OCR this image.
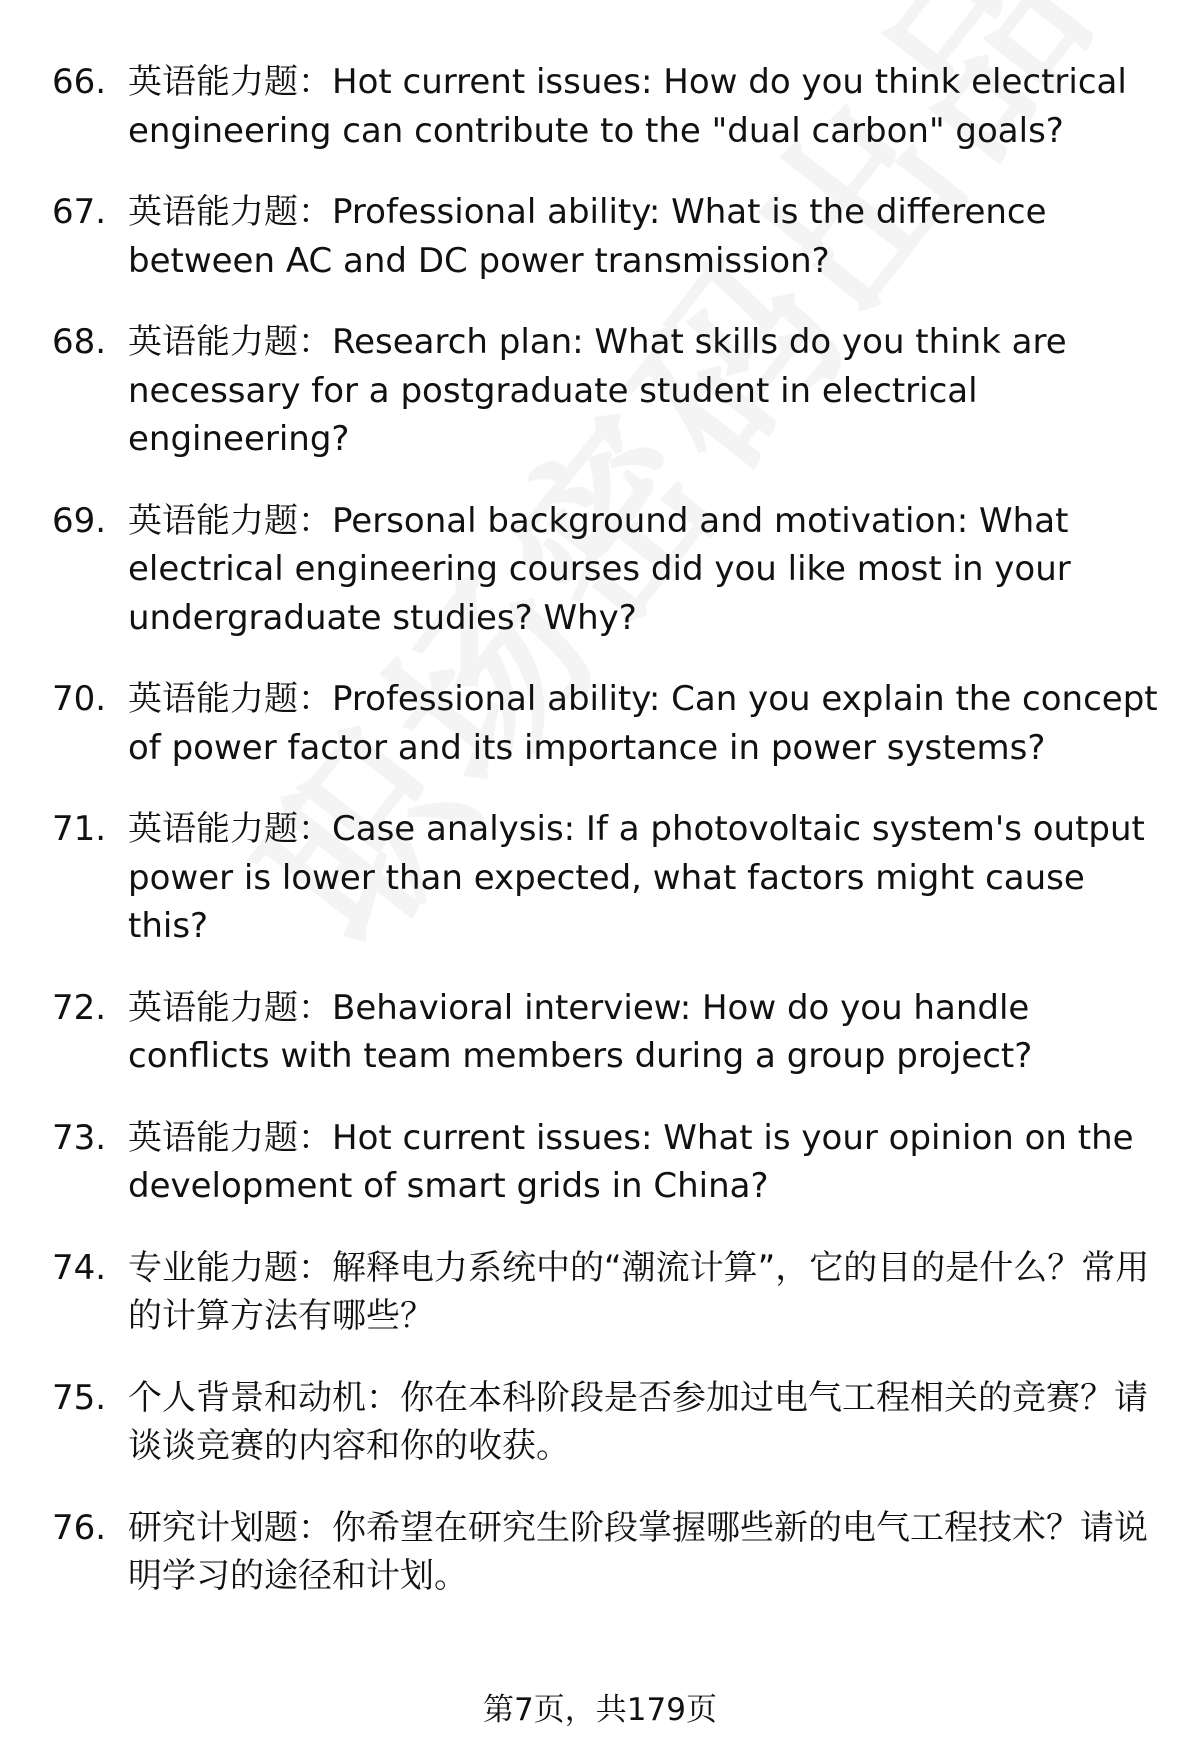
66. 英语能力题：Hot current issues: How do you think electrical engineering can contribute to the "dual carbon" goals?
67. 英语能力题：Professional ability: What is the difference between AC and DC power transmission?
68. 英语能力题：Research plan: What skills do you think are necessary for a postgraduate student in electrical engineering?
69. 英语能力题：Personal background and motivation: What electrical engineering courses did you like most in your undergraduate studies? Why?
70. 英语能力题：Professional ability: Can you explain the concept of power factor and its importance in power systems?
71. 英语能力题：Case analysis: If a photovoltaic system's output power is lower than expected, what factors might cause this?
72. 英语能力题：Behavioral interview: How do you handle conflicts with team members during a group project?
73. 英语能力题：Hot current issues: What is your opinion on the development of smart grids in China?
74. 专业能力题：解释电力系统中的“潮流计算”，它的目的是什么？常用的计算方法有哪些？
75. 个人背景和动机：你在本科阶段是否参加过电气工程相关的竞赛？请谈谈竞赛的内容和你的收获。
76. 研究计划题：你希望在研究生阶段掌握哪些新的电气工程技术？请说明学习的途径和计划。
第7页，共179页
